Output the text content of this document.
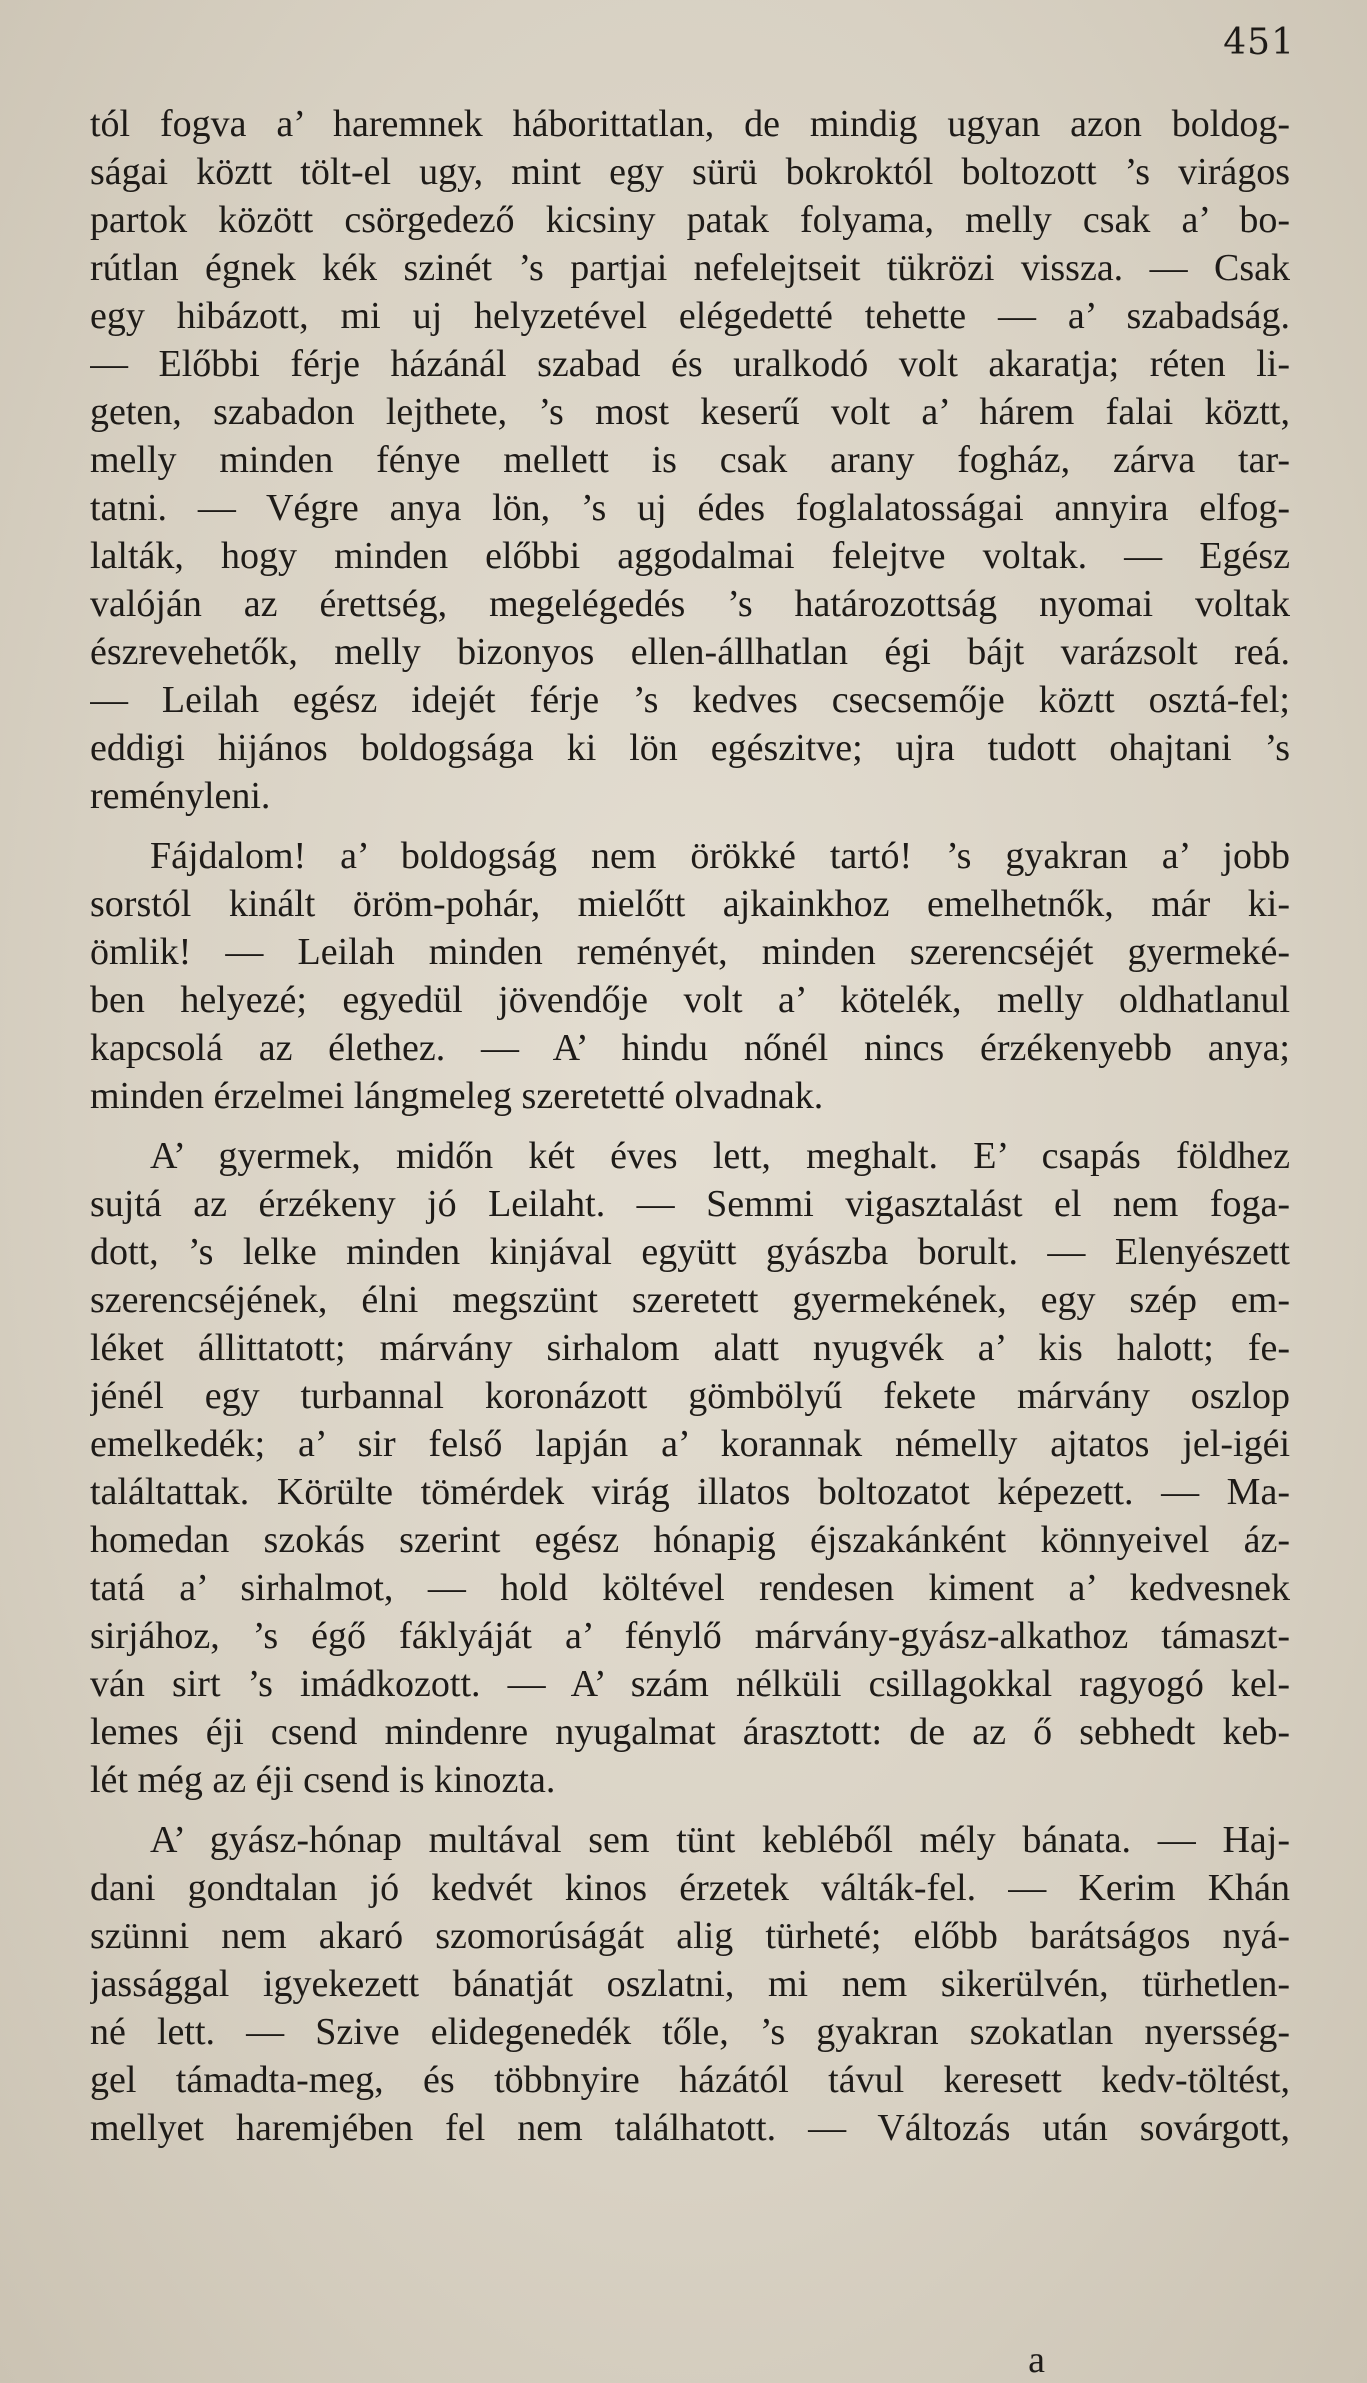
451
tól fogva a’ haremnek háborittatlan, de mindig ugyan azon boldog-
ságai köztt tölt-el ugy, mint egy sürü bokroktól boltozott ’s virágos
partok között csörgedező kicsiny patak folyama, melly csak a’ bo-
rútlan égnek kék szinét ’s partjai nefelejtseit tükrözi vissza. — Csak
egy hibázott, mi uj helyzetével elégedetté tehette — a’ szabadság.
— Előbbi férje házánál szabad és uralkodó volt akaratja; réten li-
geten, szabadon lejthete, ’s most keserű volt a’ hárem falai köztt,
melly minden fénye mellett is csak arany fogház, zárva tar-
tatni. — Végre anya lön, ’s uj édes foglalatosságai annyira elfog-
lalták, hogy minden előbbi aggodalmai felejtve voltak. — Egész
valóján az érettség, megelégedés ’s határozottság nyomai voltak
észrevehetők, melly bizonyos ellen-állhatlan égi bájt varázsolt reá.
— Leilah egész idejét férje ’s kedves csecsemője köztt osztá-fel;
eddigi hijános boldogsága ki lön egészitve; ujra tudott ohajtani ’s
reményleni.
Fájdalom! a’ boldogság nem örökké tartó! ’s gyakran a’ jobb
sorstól kinált öröm-pohár, mielőtt ajkainkhoz emelhetnők, már ki-
ömlik! — Leilah minden reményét, minden szerencséjét gyermeké-
ben helyezé; egyedül jövendője volt a’ kötelék, melly oldhatlanul
kapcsolá az élethez. — A’ hindu nőnél nincs érzékenyebb anya;
minden érzelmei lángmeleg szeretetté olvadnak.
A’ gyermek, midőn két éves lett, meghalt. E’ csapás földhez
sujtá az érzékeny jó Leilaht. — Semmi vigasztalást el nem foga-
dott, ’s lelke minden kinjával együtt gyászba borult. — Elenyészett
szerencséjének, élni megszünt szeretett gyermekének, egy szép em-
léket állittatott; márvány sirhalom alatt nyugvék a’ kis halott; fe-
jénél egy turbannal koronázott gömbölyű fekete márvány oszlop
emelkedék; a’ sir felső lapján a’ korannak némelly ajtatos jel-igéi
találtattak. Körülte tömérdek virág illatos boltozatot képezett. — Ma-
homedan szokás szerint egész hónapig éjszakánként könnyeivel áz-
tatá a’ sirhalmot, — hold költével rendesen kiment a’ kedvesnek
sirjához, ’s égő fáklyáját a’ fénylő márvány-gyász-alkathoz támaszt-
ván sirt ’s imádkozott. — A’ szám nélküli csillagokkal ragyogó kel-
lemes éji csend mindenre nyugalmat árasztott: de az ő sebhedt keb-
lét még az éji csend is kinozta.
A’ gyász-hónap multával sem tünt kebléből mély bánata. — Haj-
dani gondtalan jó kedvét kinos érzetek válták-fel. — Kerim Khán
szünni nem akaró szomorúságát alig türheté; előbb barátságos nyá-
jassággal igyekezett bánatját oszlatni, mi nem sikerülvén, türhetlen-
né lett. — Szive elidegenedék tőle, ’s gyakran szokatlan nyersség-
gel támadta-meg, és többnyire házától távul keresett kedv-töltést,
mellyet haremjében fel nem találhatott. — Változás után sovárgott,
a
